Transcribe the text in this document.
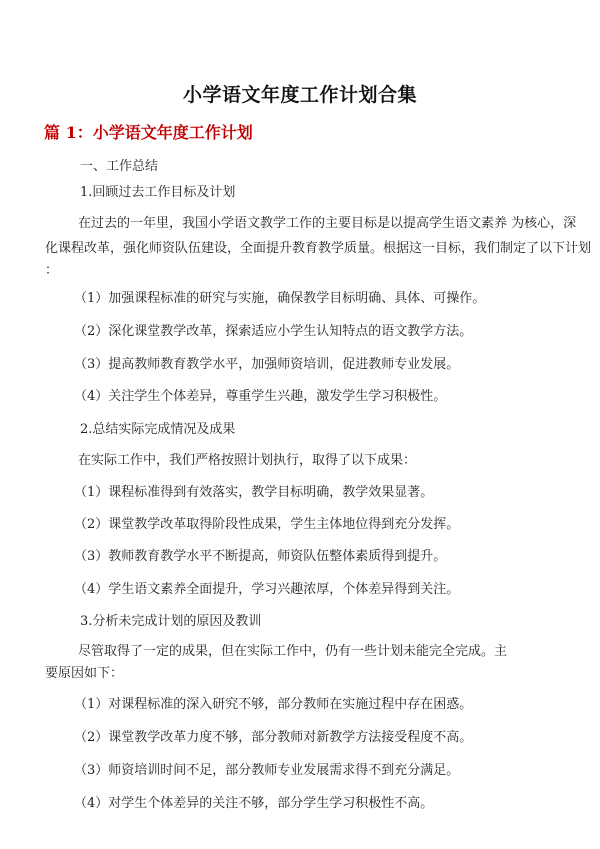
小学语文年度工作计划合集
篇 1：小学语文年度工作计划

一、工作总结

1.回顾过去工作目标及计划

在过去的一年里，我国小学语文教学工作的主要目标是以提高学生语文素养 为核心，深

化课程改革，强化师资队伍建设，全面提升教育教学质量。根据这一目标，我们制定了以下计划

：

（1）加强课程标准的研究与实施，确保教学目标明确、具体、可操作。

（2）深化课堂教学改革，探索适应小学生认知特点的语文教学方法。

（3）提高教师教育教学水平，加强师资培训，促进教师专业发展。

（4）关注学生个体差异，尊重学生兴趣，激发学生学习积极性。

2.总结实际完成情况及成果

在实际工作中，我们严格按照计划执行，取得了以下成果：

（1）课程标准得到有效落实，教学目标明确，教学效果显著。

（2）课堂教学改革取得阶段性成果，学生主体地位得到充分发挥。

（3）教师教育教学水平不断提高，师资队伍整体素质得到提升。

（4）学生语文素养全面提升，学习兴趣浓厚，个体差异得到关注。

3.分析未完成计划的原因及教训

尽管取得了一定的成果，但在实际工作中，仍有一些计划未能完全完成。主

要原因如下：

（1）对课程标准的深入研究不够，部分教师在实施过程中存在困惑。

（2）课堂教学改革力度不够，部分教师对新教学方法接受程度不高。

（3）师资培训时间不足，部分教师专业发展需求得不到充分满足。

（4）对学生个体差异的关注不够，部分学生学习积极性不高。
